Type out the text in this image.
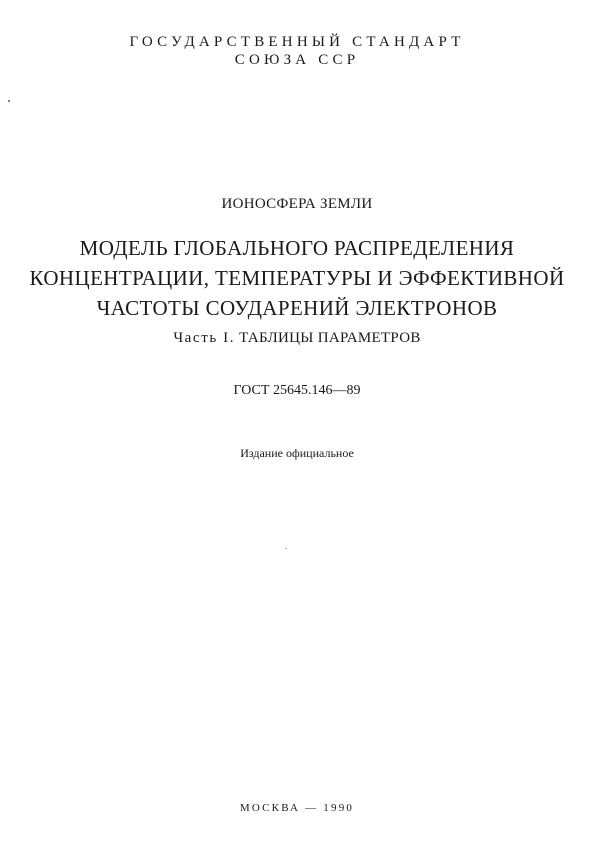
ГОСУДАРСТВЕННЫЙ СТАНДАРТ
СОЮЗА ССР
ИОНОСФЕРА ЗЕМЛИ
МОДЕЛЬ ГЛОБАЛЬНОГО РАСПРЕДЕЛЕНИЯ
КОНЦЕНТРАЦИИ, ТЕМПЕРАТУРЫ И ЭФФЕКТИВНОЙ
ЧАСТОТЫ СОУДАРЕНИЙ ЭЛЕКТРОНОВ
Часть I. ТАБЛИЦЫ ПАРАМЕТРОВ
ГОСТ 25645.146—89
Издание официальное
МОСКВА — 1990
